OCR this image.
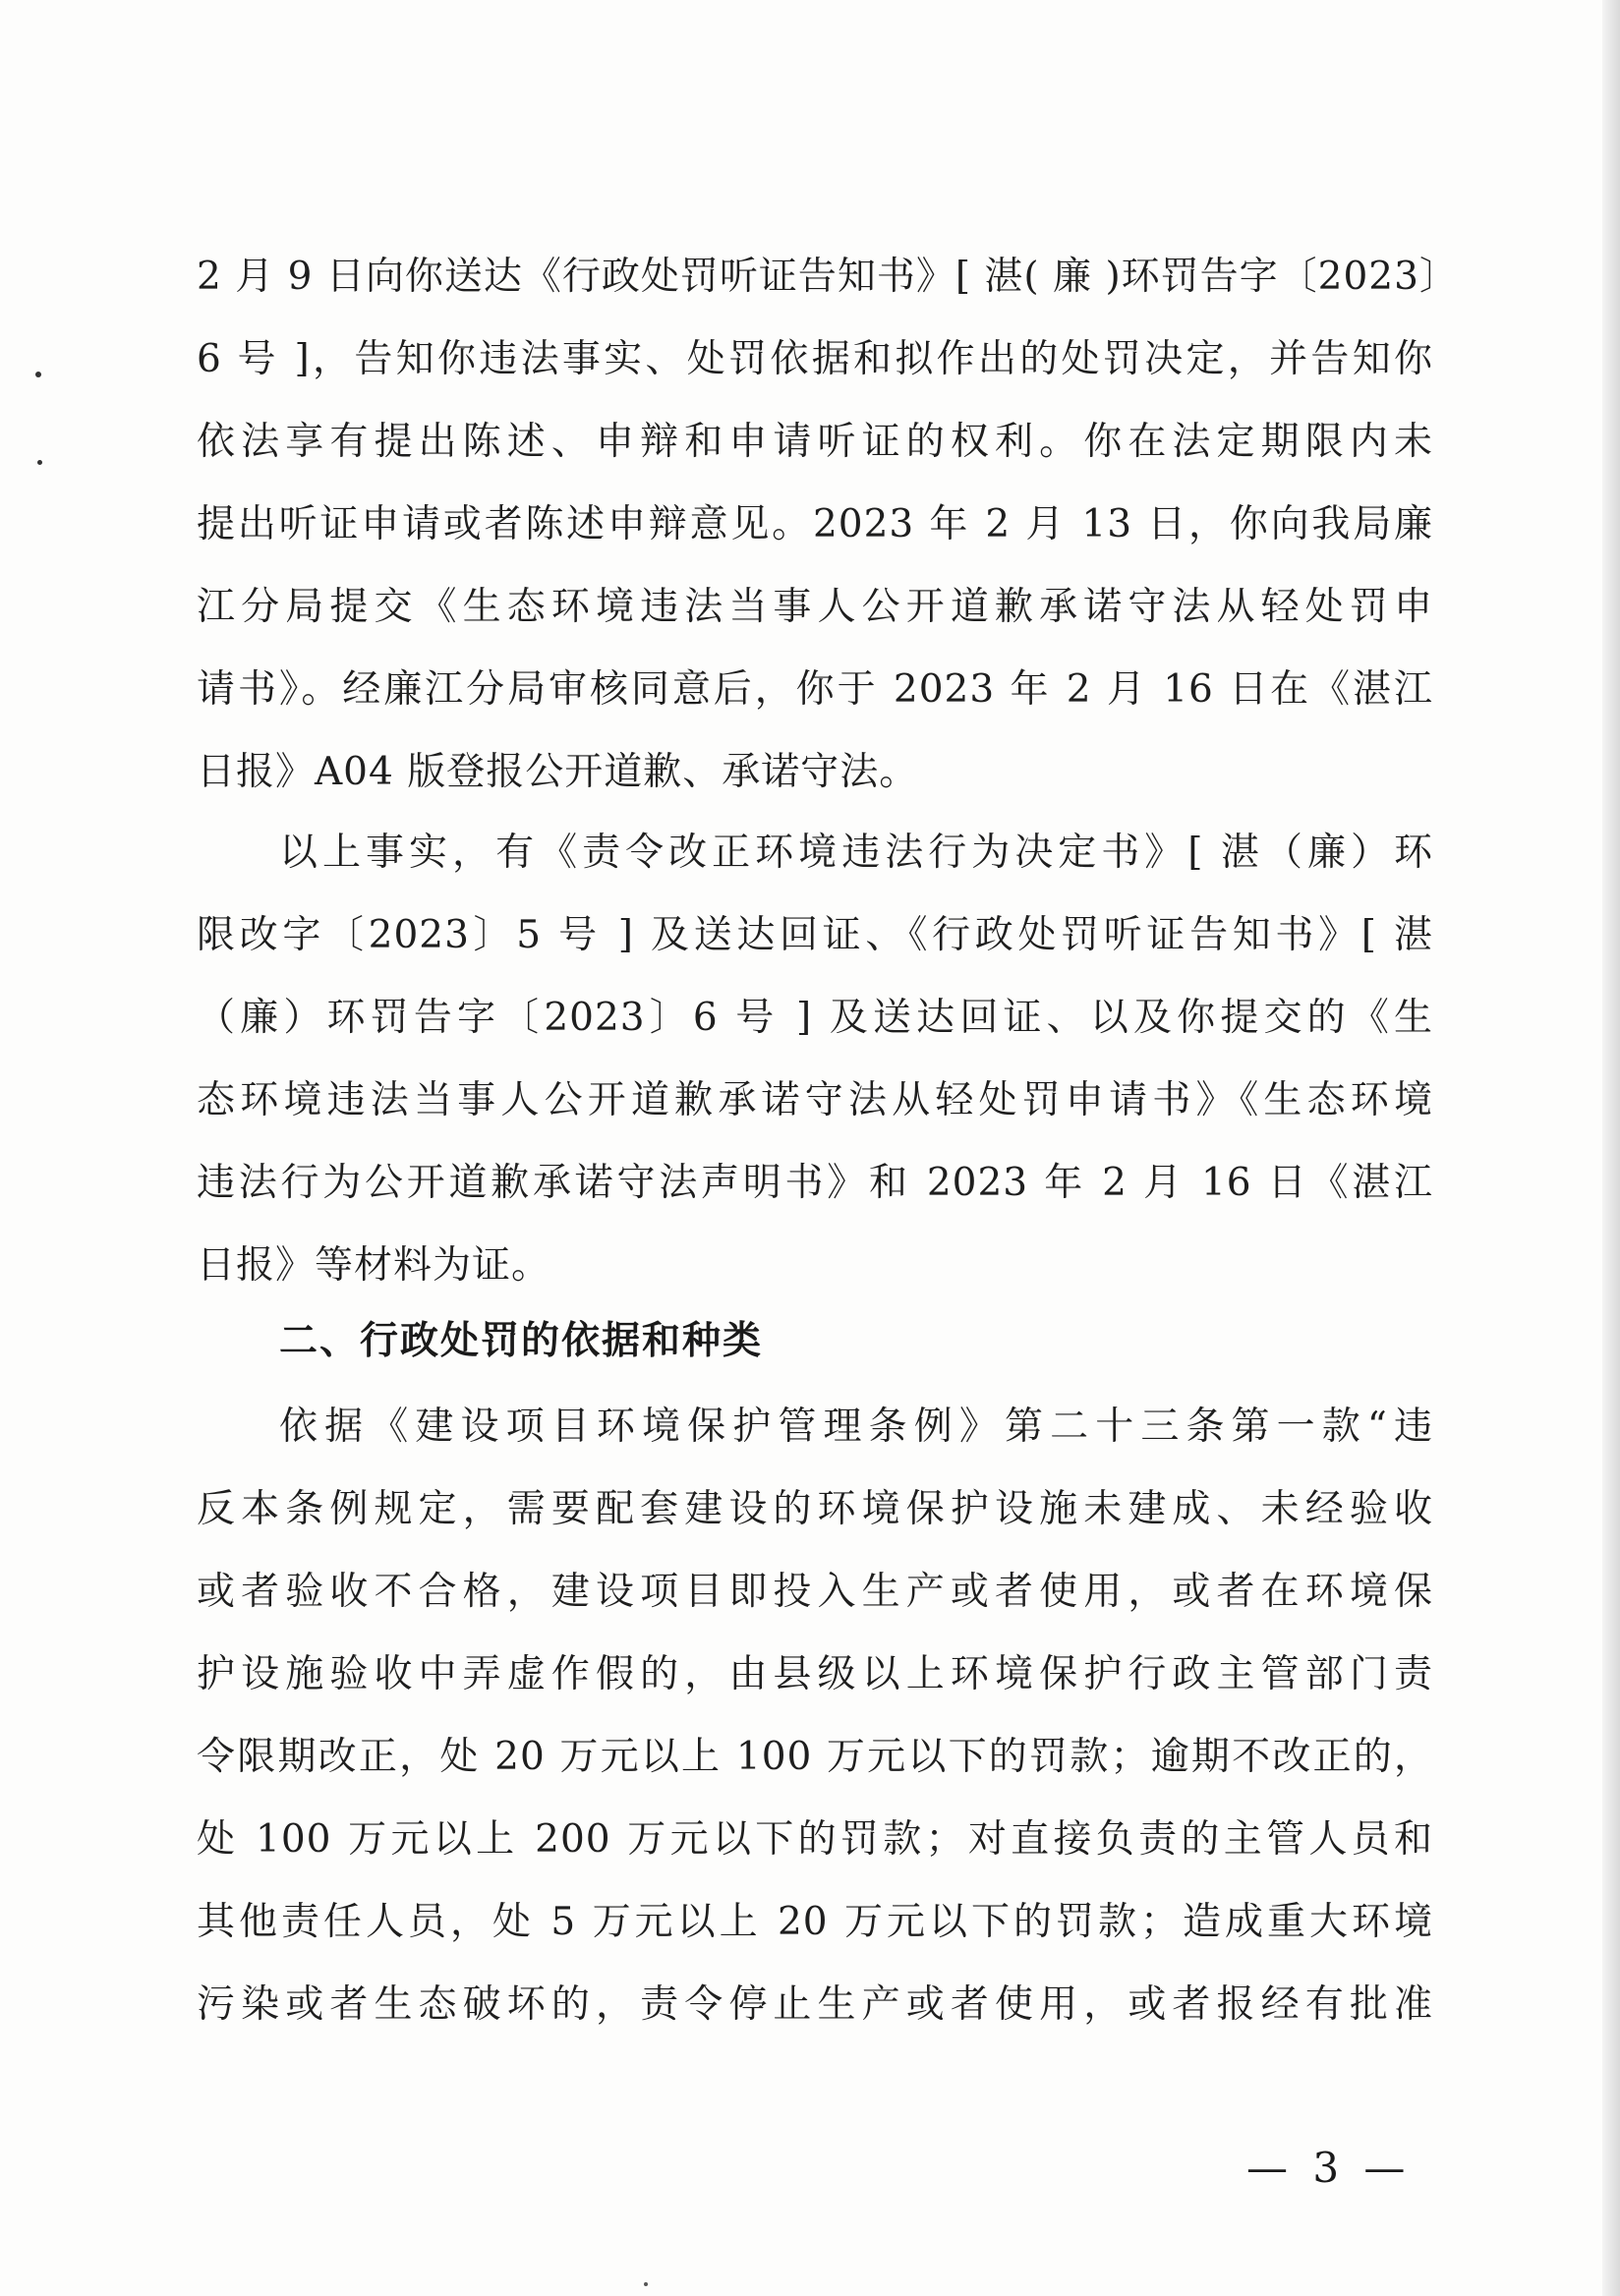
2 月 9 日向你送达《行政处罚听证告知书》[ 湛( 廉 )环罚告字〔2023〕
6 号 ]，告知你违法事实、处罚依据和拟作出的处罚决定，并告知你
依法享有提出陈述、申辩和申请听证的权利。你在法定期限内未
提出听证申请或者陈述申辩意见。2023 年 2 月 13 日，你向我局廉
江分局提交《生态环境违法当事人公开道歉承诺守法从轻处罚申
请书》。经廉江分局审核同意后，你于 2023 年 2 月 16 日在《湛江
日报》A04 版登报公开道歉、承诺守法。
以上事实，有《责令改正环境违法行为决定书》[ 湛（廉）环
限改字〔2023〕5 号 ] 及送达回证、《行政处罚听证告知书》[ 湛
（廉）环罚告字〔2023〕6 号 ] 及送达回证、以及你提交的《生
态环境违法当事人公开道歉承诺守法从轻处罚申请书》《生态环境
违法行为公开道歉承诺守法声明书》和 2023 年 2 月 16 日《湛江
日报》等材料为证。
二、行政处罚的依据和种类
依据《建设项目环境保护管理条例》第二十三条第一款“违
反本条例规定，需要配套建设的环境保护设施未建成、未经验收
或者验收不合格，建设项目即投入生产或者使用，或者在环境保
护设施验收中弄虚作假的，由县级以上环境保护行政主管部门责
令限期改正，处 20 万元以上 100 万元以下的罚款；逾期不改正的，
处 100 万元以上 200 万元以下的罚款；对直接负责的主管人员和
其他责任人员，处 5 万元以上 20 万元以下的罚款；造成重大环境
污染或者生态破坏的，责令停止生产或者使用，或者报经有批准
— 3 —
